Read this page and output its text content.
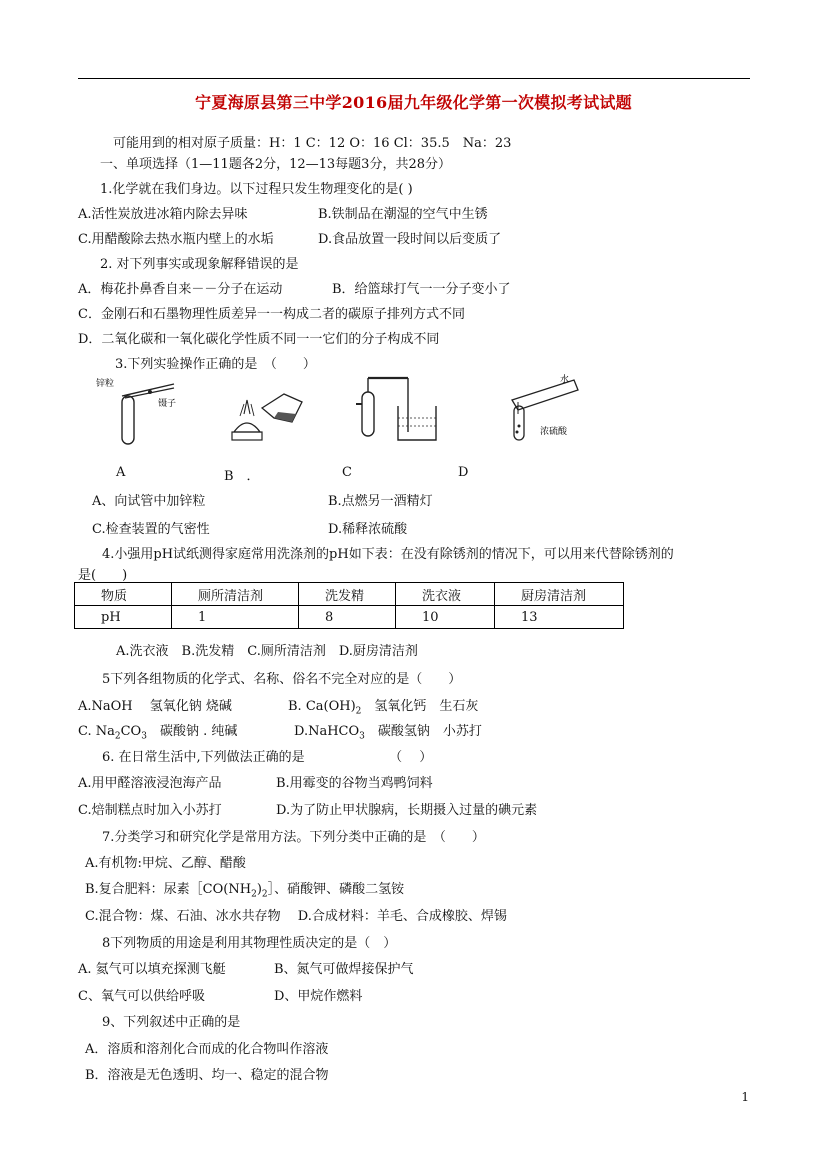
宁夏海原县第三中学2016届九年级化学第一次模拟考试试题
可能用到的相对原子质量：H：1 C：12 O：16 Cl：35.5　Na：23
一、单项选择（1—11题各2分，12—13每题3分，共28分）
1.化学就在我们身边。以下过程只发生物理变化的是( )
A.活性炭放进冰箱内除去异味	B.铁制品在潮湿的空气中生锈
C.用醋酸除去热水瓶内壁上的水垢	D.食品放置一段时间以后变质了
2. 对下列事实或现象解释错误的是
A．梅花扑鼻香自来－－分子在运动	B．给篮球打气一一分子变小了
C．金刚石和石墨物理性质差异一一构成二者的碳原子排列方式不同
D．二氧化碳和一氧化碳化学性质不同一一它们的分子构成不同
3.下列实验操作正确的是　（　　）
锌粒
镊子
水
浓硫酸
A	B　．	C	D
A、向试管中加锌粒	B.点燃另一酒精灯
C.检查装置的气密性	D.稀释浓硫酸
4.小强用pH试纸测得家庭常用洗涤剂的pH如下表：在没有除锈剂的情况下，可以用来代替除锈剂的
是(　　)
物质	厕所清洁剂	洗发精	洗衣液	厨房清洁剂
pH	1	8	10	13
A.洗衣液　B.洗发精　C.厕所清洁剂　D.厨房清洁剂
5下列各组物质的化学式、名称、俗名不完全对应的是（　　）
A.NaOH　 氢氧化钠 烧碱	B. $Ca(OH)_2$　氢氧化钙　生石灰
C. $Na_2CO_3$　碳酸钠 . 纯碱	D.NaHCO$_3$　碳酸氢钠　小苏打
6. 在日常生活中,下列做法正确的是　　　　　　　（　 ）
A.用甲醛溶液浸泡海产品	B.用霉变的谷物当鸡鸭饲料
C.焙制糕点时加入小苏打	D.为了防止甲状腺病，长期摄入过量的碘元素
7.分类学习和研究化学是常用方法。下列分类中正确的是　（　　）
A.有机物:甲烷、乙醇、醋酸
B.复合肥料：尿素$[CO(NH_2)_2]$、硝酸钾、磷酸二氢铵
C.混合物：煤、石油、冰水共存物　 D.合成材料：羊毛、合成橡胶、焊锡
8下列物质的用途是利用其物理性质决定的是（　）
A. 氦气可以填充探测飞艇	B、氮气可做焊接保护气
C、氧气可以供给呼吸	D、甲烷作燃料
9、下列叙述中正确的是
A．溶质和溶剂化合而成的化合物叫作溶液
B．溶液是无色透明、均一、稳定的混合物
1
